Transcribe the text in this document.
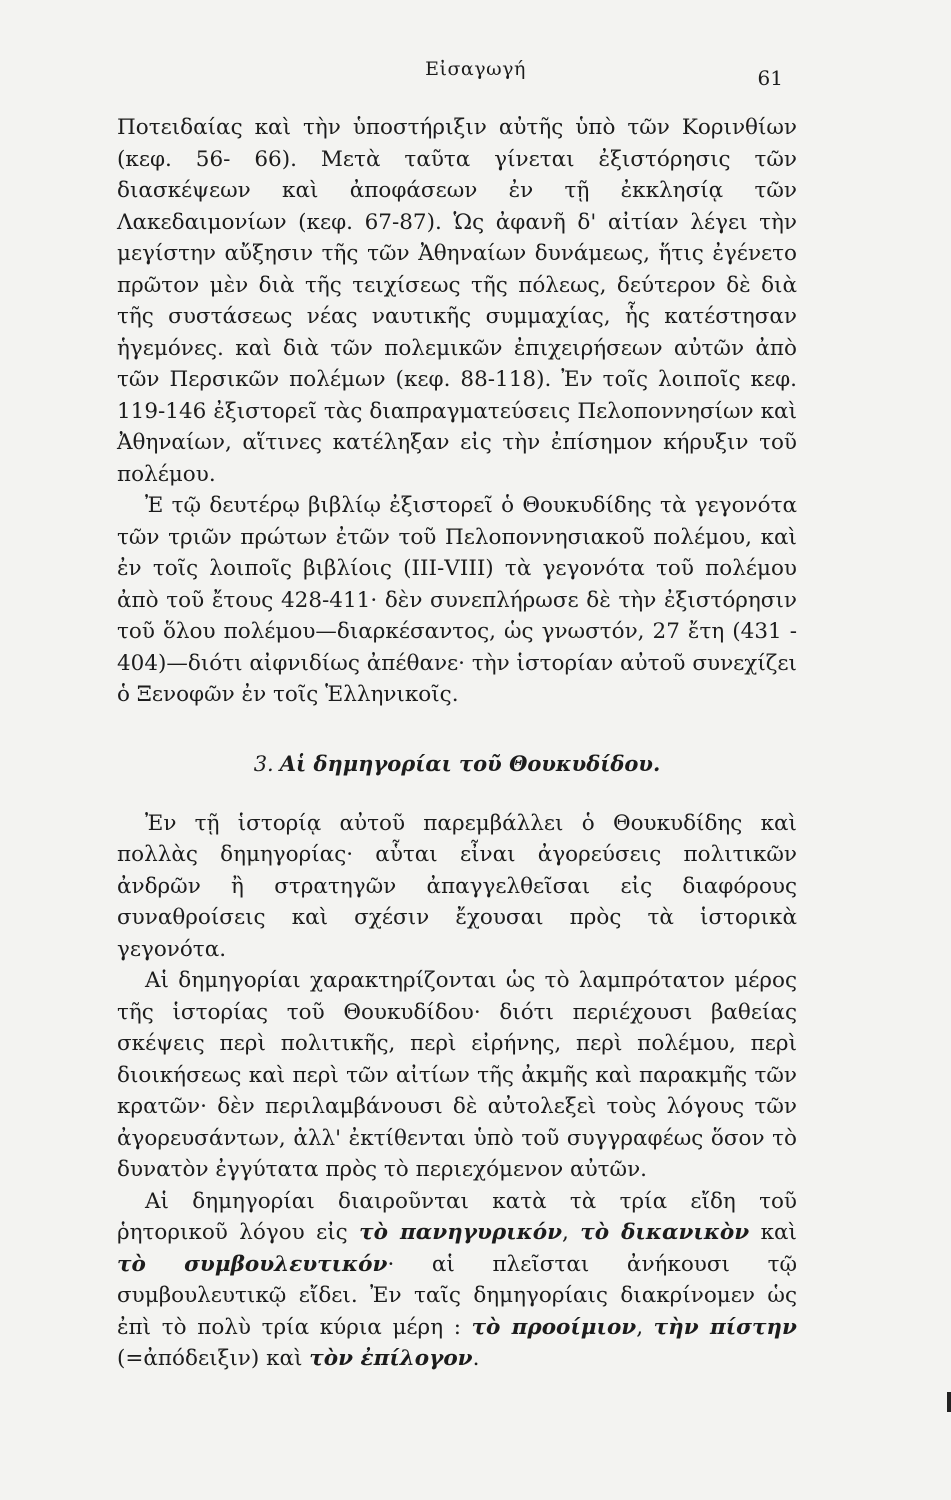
Εἰσαγωγή	61

Ποτειδαίας καὶ τὴν ὑποστήριξιν αὐτῆς ὑπὸ τῶν Κορινθίων (κεφ. 56- 66). Μετὰ ταῦτα γίνεται ἐξιστόρησις τῶν διασκέψεων καὶ ἀποφάσεων ἐν τῇ ἐκκλησίᾳ τῶν Λακεδαιμονίων (κεφ. 67-87). Ὡς ἀφανῆ δ' αἰτίαν λέγει τὴν μεγίστην αὔξησιν τῆς τῶν Ἀθηναίων δυνάμεως, ἥτις ἐγένετο πρῶτον μὲν διὰ τῆς τειχίσεως τῆς πόλεως, δεύτερον δὲ διὰ τῆς συστάσεως νέας ναυτικῆς συμμαχίας, ἧς κατέστησαν ἡγεμόνες. καὶ διὰ τῶν πολεμικῶν ἐπιχειρήσεων αὐτῶν ἀπὸ τῶν Περσικῶν πολέμων (κεφ. 88-118). Ἐν τοῖς λοιποῖς κεφ. 119-146 ἐξιστορεῖ τὰς διαπραγματεύσεις Πελοποννησίων καὶ Ἀθηναίων, αἵτινες κατέληξαν εἰς τὴν ἐπίσημον κήρυξιν τοῦ πολέμου.

Ἐ τῷ δευτέρῳ βιβλίῳ ἐξιστορεῖ ὁ Θουκυδίδης τὰ γεγονότα τῶν τριῶν πρώτων ἐτῶν τοῦ Πελοποννησιακοῦ πολέμου, καὶ ἐν τοῖς λοιποῖς βιβλίοις (ΙΙΙ-VIII) τὰ γεγονότα τοῦ πολέμου ἀπὸ τοῦ ἔτους 428-411· δὲν συνεπλήρωσε δὲ τὴν ἐξιστόρησιν τοῦ ὅλου πολέμου—διαρκέσαντος, ὡς γνωστόν, 27 ἔτη (431 - 404)—διότι αἰφνιδίως ἀπέθανε· τὴν ἱστορίαν αὐτοῦ συνεχίζει ὁ Ξενοφῶν ἐν τοῖς Ἑλληνικοῖς.

3. Αἱ δημηγορίαι τοῦ Θουκυδίδου.

Ἐν τῇ ἱστορίᾳ αὐτοῦ παρεμβάλλει ὁ Θουκυδίδης καὶ πολλὰς δημηγορίας· αὗται εἶναι ἀγορεύσεις πολιτικῶν ἀνδρῶν ἢ στρατηγῶν ἀπαγγελθεῖσαι εἰς διαφόρους συναθροίσεις καὶ σχέσιν ἔχουσαι πρὸς τὰ ἱστορικὰ γεγονότα.

Αἱ δημηγορίαι χαρακτηρίζονται ὡς τὸ λαμπρότατον μέρος τῆς ἱστορίας τοῦ Θουκυδίδου· διότι περιέχουσι βαθείας σκέψεις περὶ πολιτικῆς, περὶ εἰρήνης, περὶ πολέμου, περὶ διοικήσεως καὶ περὶ τῶν αἰτίων τῆς ἀκμῆς καὶ παρακμῆς τῶν κρατῶν· δὲν περιλαμβάνουσι δὲ αὐτολεξεὶ τοὺς λόγους τῶν ἀγορευσάντων, ἀλλ' ἐκτίθενται ὑπὸ τοῦ συγγραφέως ὅσον τὸ δυνατὸν ἐγγύτατα πρὸς τὸ περιεχόμενον αὐτῶν.

Αἱ δημηγορίαι διαιροῦνται κατὰ τὰ τρία εἴδη τοῦ ῥητορικοῦ λόγου εἰς τὸ πανηγυρικόν, τὸ δικανικὸν καὶ τὸ συμβουλευτικόν· αἱ πλεῖσται ἀνήκουσι τῷ συμβουλευτικῷ εἴδει. Ἐν ταῖς δημηγορίαις διακρίνομεν ὡς ἐπὶ τὸ πολὺ τρία κύρια μέρη : τὸ προοίμιον, τὴν πίστην (=ἀπόδειξιν) καὶ τὸν ἐπίλογον.
